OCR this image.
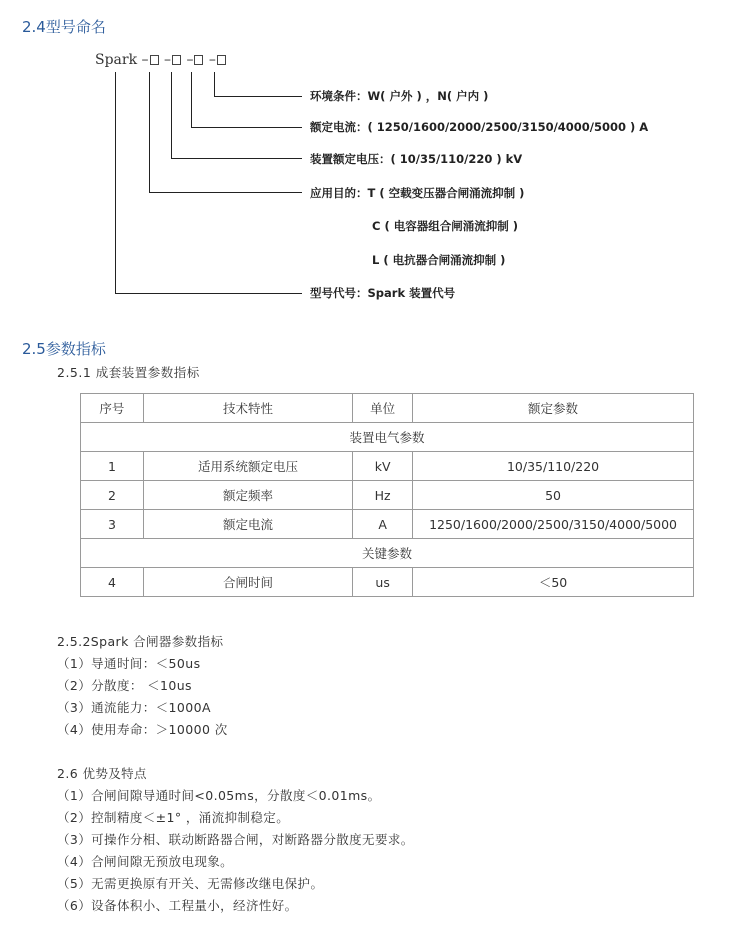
2.4型号命名
Spark – – – –
环境条件：W( 户外 ) ，N( 户内 )
额定电流：( 1250/1600/2000/2500/3150/4000/5000 ) A
装置额定电压：( 10/35/110/220 ) kV
应用目的：T ( 空载变压器合闸涌流抑制 )
C ( 电容器组合闸涌流抑制 )
L ( 电抗器合闸涌流抑制 )
型号代号：Spark 装置代号
2.5参数指标
2.5.1 成套装置参数指标
序号	技术特性	单位	额定参数
装置电气参数			
1	适用系统额定电压	kV	10/35/110/220
2	额定频率	Hz	50
3	额定电流	A	1250/1600/2000/2500/3150/4000/5000
关键参数			
4	合闸时间	us	＜50
2.5.2Spark 合闸器参数指标
（1）导通时间：＜50us
（2）分散度： ＜10us
（3）通流能力：＜1000A
（4）使用寿命：＞10000 次
2.6 优势及特点
（1）合闸间隙导通时间<0.05ms，分散度＜0.01ms。
（2）控制精度＜±1° ，涌流抑制稳定。
（3）可操作分相、联动断路器合闸，对断路器分散度无要求。
（4）合闸间隙无预放电现象。
（5）无需更换原有开关、无需修改继电保护。
（6）设备体积小、工程量小，经济性好。
